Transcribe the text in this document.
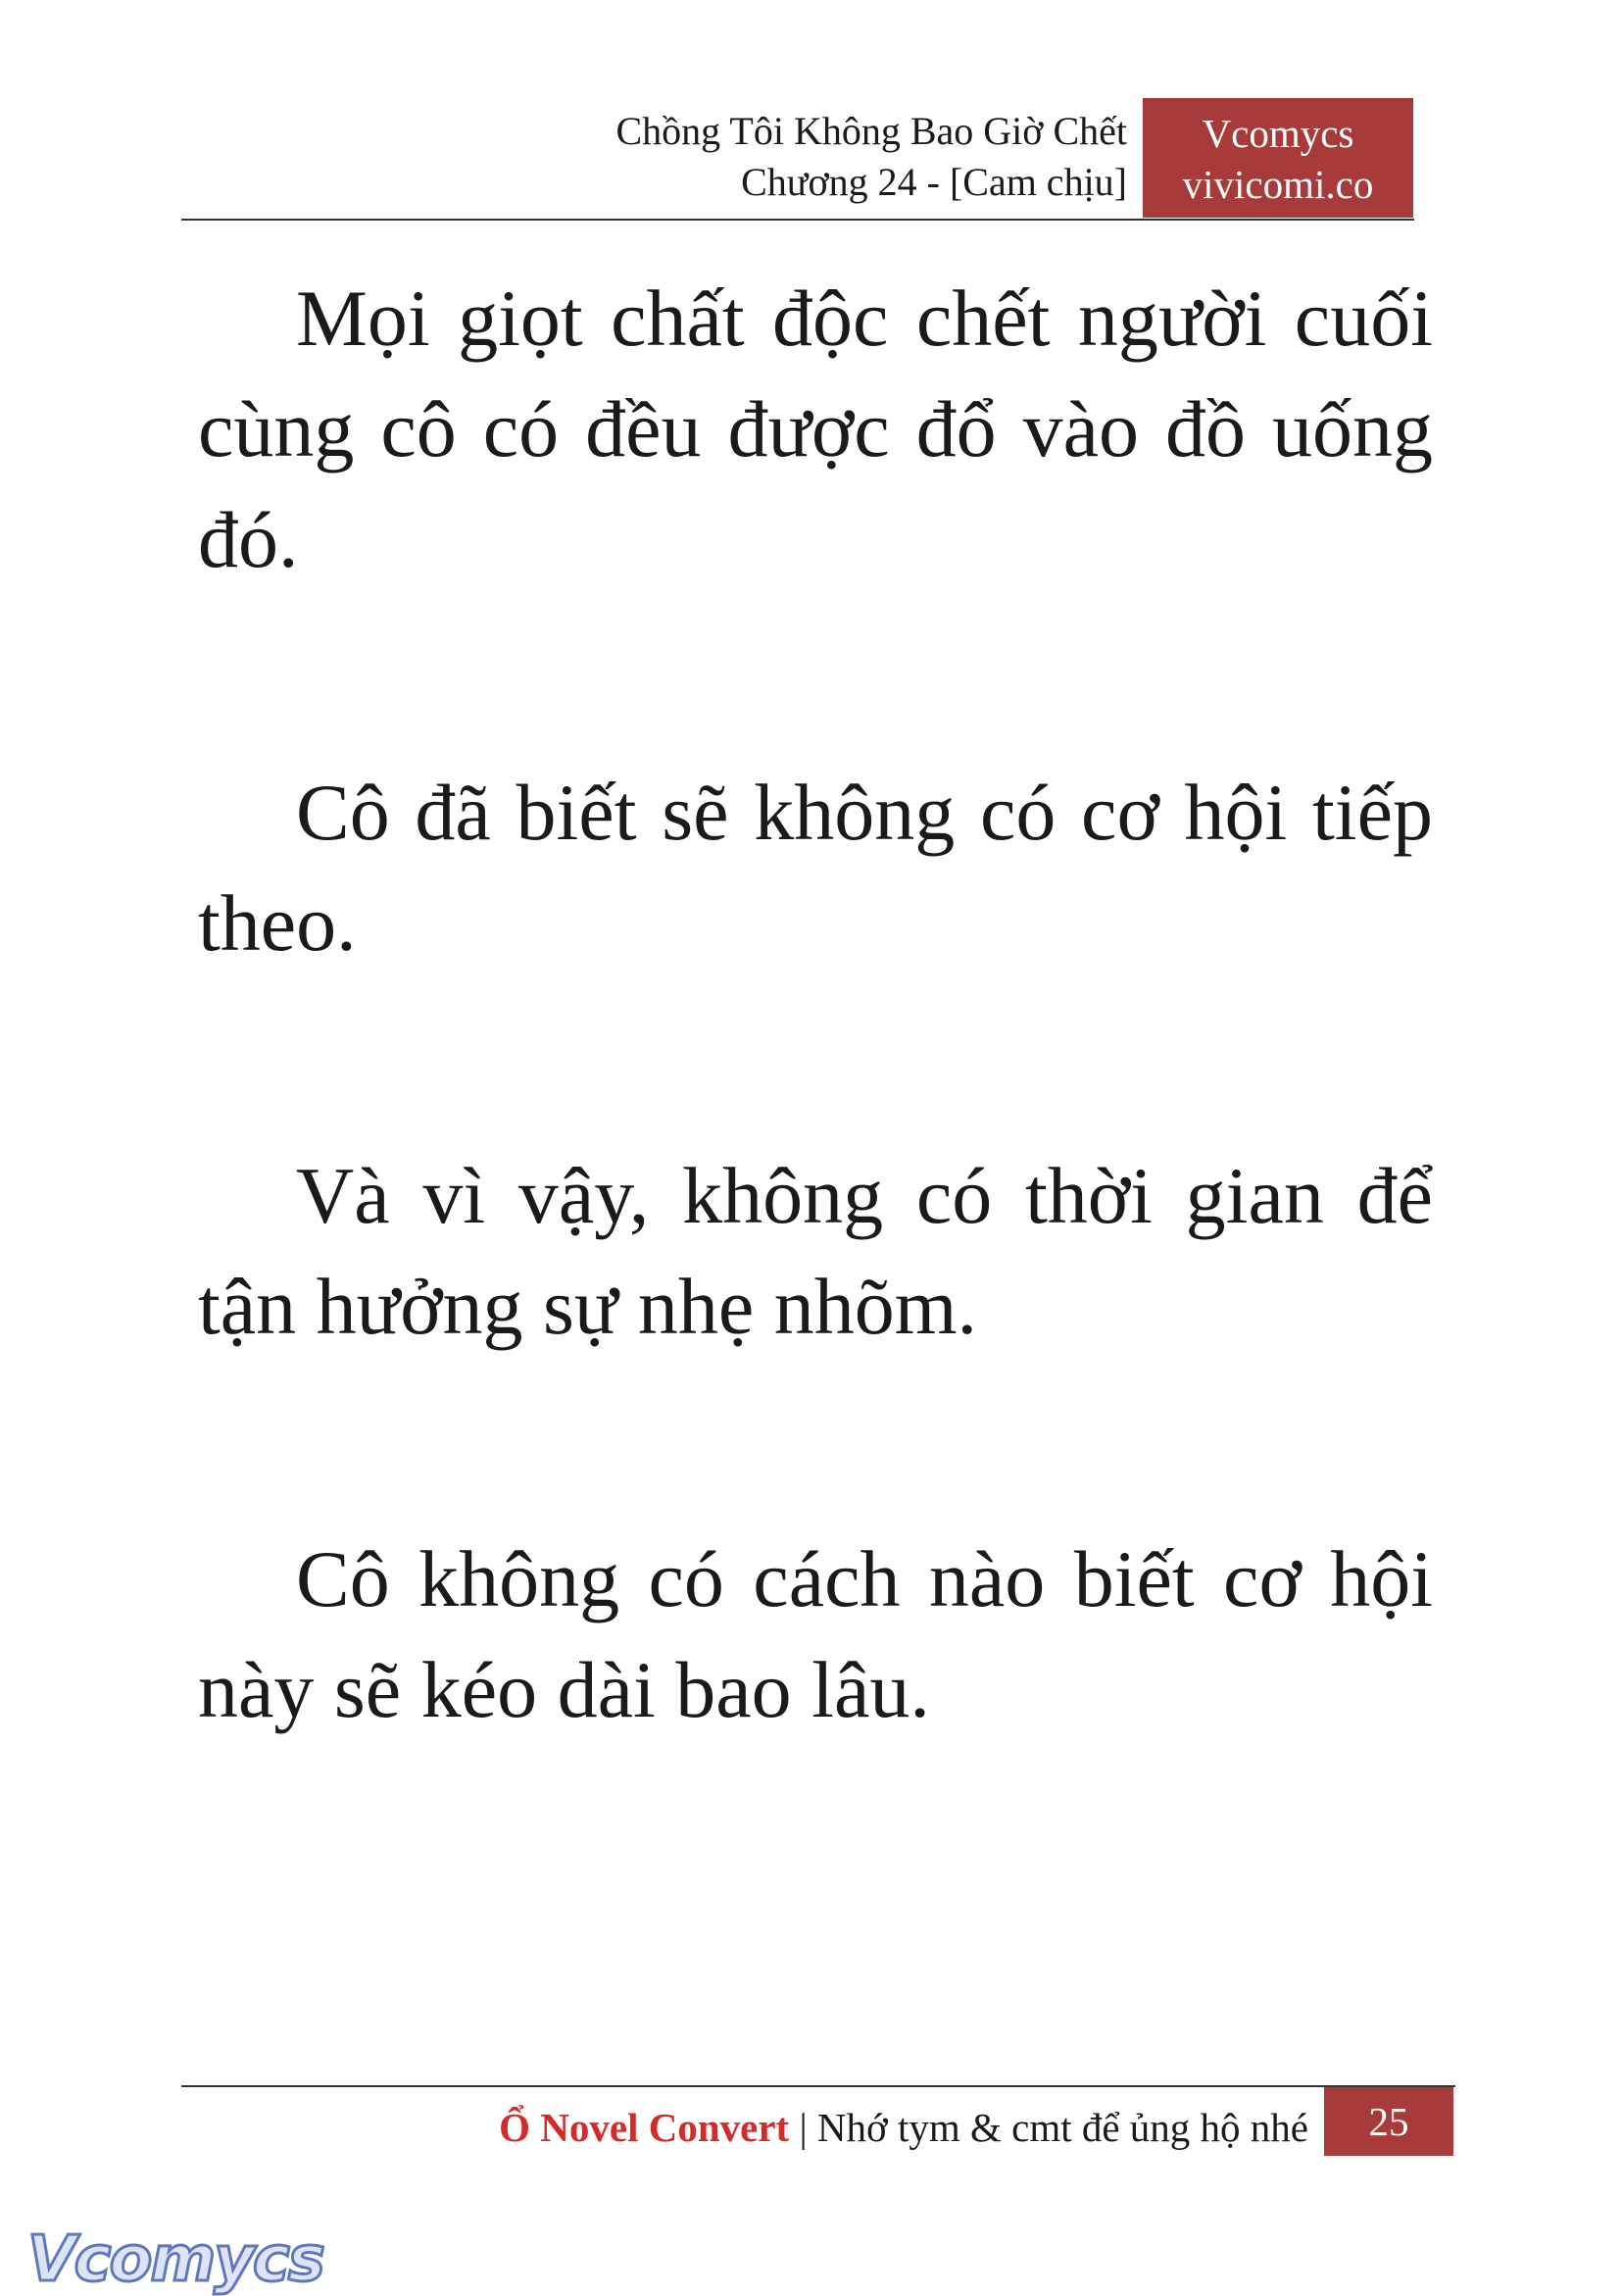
Chồng Tôi Không Bao Giờ Chết
Chương 24 - [Cam chịu]
Vcomycs
vivicomi.co

Mọi giọt chất độc chết người cuối cùng cô có đều được đổ vào đồ uống đó.

Cô đã biết sẽ không có cơ hội tiếp theo.

Và vì vậy, không có thời gian để tận hưởng sự nhẹ nhõm.

Cô không có cách nào biết cơ hội này sẽ kéo dài bao lâu.

Ổ Novel Convert | Nhớ tym & cmt để ủng hộ nhé	25
Vcomycs
